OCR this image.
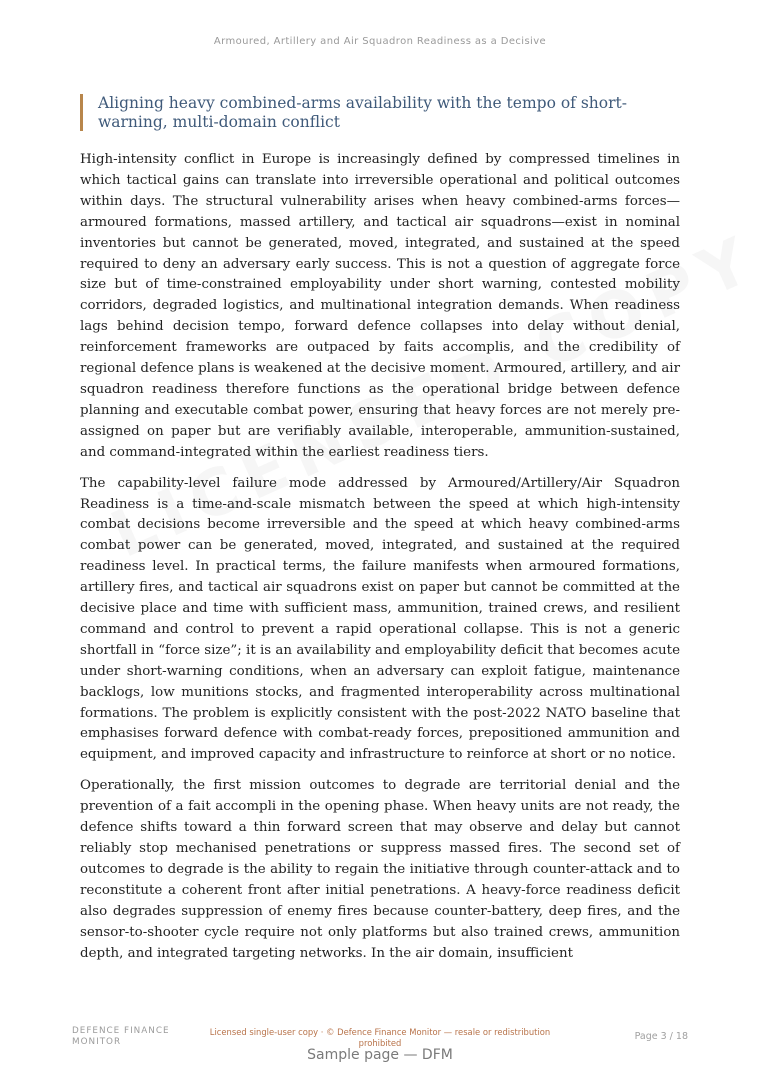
Armoured, Artillery and Air Squadron Readiness as a Decisive
Aligning heavy combined-arms availability with the tempo of short-warning, multi-domain conflict

High-intensity conflict in Europe is increasingly defined by compressed timelines in which tactical gains can translate into irreversible operational and political outcomes within days. The structural vulnerability arises when heavy combined-arms forces—armoured formations, massed artillery, and tactical air squadrons—exist in nominal inventories but cannot be generated, moved, integrated, and sustained at the speed required to deny an adversary early success. This is not a question of aggregate force size but of time-constrained employability under short warning, contested mobility corridors, degraded logistics, and multinational integration demands. When readiness lags behind decision tempo, forward defence collapses into delay without denial, reinforcement frameworks are outpaced by faits accomplis, and the credibility of regional defence plans is weakened at the decisive moment. Armoured, artillery, and air squadron readiness therefore functions as the operational bridge between defence planning and executable combat power, ensuring that heavy forces are not merely pre-assigned on paper but are verifiably available, interoperable, ammunition-sustained, and command-integrated within the earliest readiness tiers.

The capability-level failure mode addressed by Armoured/Artillery/Air Squadron Readiness is a time-and-scale mismatch between the speed at which high-intensity combat decisions become irreversible and the speed at which heavy combined-arms combat power can be generated, moved, integrated, and sustained at the required readiness level. In practical terms, the failure manifests when armoured formations, artillery fires, and tactical air squadrons exist on paper but cannot be committed at the decisive place and time with sufficient mass, ammunition, trained crews, and resilient command and control to prevent a rapid operational collapse. This is not a generic shortfall in “force size”; it is an availability and employability deficit that becomes acute under short-warning conditions, when an adversary can exploit fatigue, maintenance backlogs, low munitions stocks, and fragmented interoperability across multinational formations. The problem is explicitly consistent with the post-2022 NATO baseline that emphasises forward defence with combat-ready forces, prepositioned ammunition and equipment, and improved capacity and infrastructure to reinforce at short or no notice.

Operationally, the first mission outcomes to degrade are territorial denial and the prevention of a fait accompli in the opening phase. When heavy units are not ready, the defence shifts toward a thin forward screen that may observe and delay but cannot reliably stop mechanised penetrations or suppress massed fires. The second set of outcomes to degrade is the ability to regain the initiative through counter-attack and to reconstitute a coherent front after initial penetrations. A heavy-force readiness deficit also degrades suppression of enemy fires because counter-battery, deep fires, and the sensor-to-shooter cycle require not only platforms but also trained crews, ammunition depth, and integrated targeting networks. In the air domain, insufficient

DEFENCE FINANCE
MONITOR
Licensed single-user copy · © Defence Finance Monitor — resale or redistribution
prohibited
Page 3 / 18
Sample page — DFM
